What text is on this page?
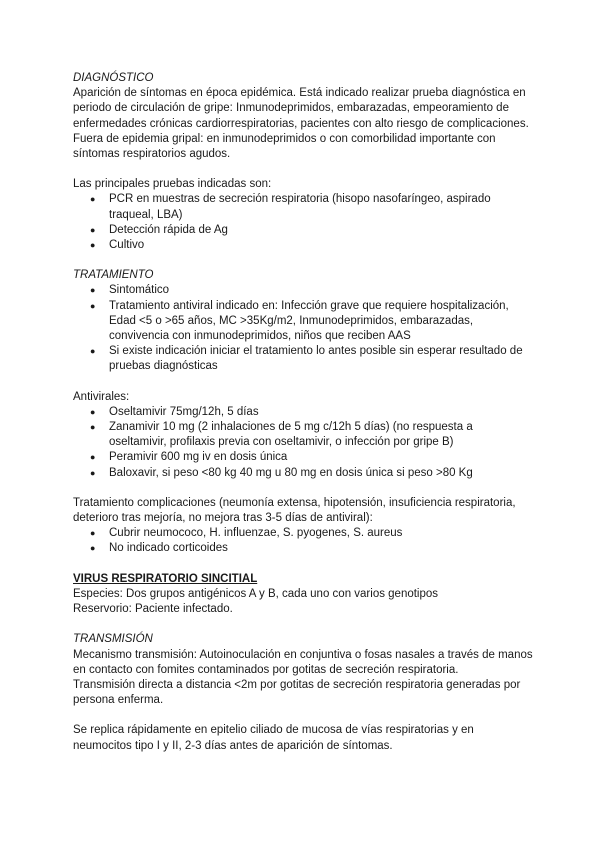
DIAGNÓSTICO

Aparición de síntomas en época epidémica. Está indicado realizar prueba diagnóstica en periodo de circulación de gripe: Inmunodeprimidos, embarazadas, empeoramiento de enfermedades crónicas cardiorrespiratorias, pacientes con alto riesgo de complicaciones.

Fuera de epidemia gripal: en inmunodeprimidos o con comorbilidad importante con síntomas respiratorios agudos.

Las principales pruebas indicadas son:

● PCR en muestras de secreción respiratoria (hisopo nasofaríngeo, aspirado traqueal, LBA)
● Detección rápida de Ag
● Cultivo

TRATAMIENTO

● Sintomático
● Tratamiento antiviral indicado en: Infección grave que requiere hospitalización, Edad <5 o >65 años, MC >35Kg/m2, Inmunodeprimidos, embarazadas, convivencia con inmunodeprimidos, niños que reciben AAS
● Si existe indicación iniciar el tratamiento lo antes posible sin esperar resultado de pruebas diagnósticas

Antivirales:

● Oseltamivir 75mg/12h, 5 días
● Zanamivir 10 mg (2 inhalaciones de 5 mg c/12h 5 días) (no respuesta a oseltamivir, profilaxis previa con oseltamivir, o infección por gripe B)
● Peramivir 600 mg iv en dosis única
● Baloxavir, si peso <80 kg 40 mg u 80 mg en dosis única si peso >80 Kg

Tratamiento complicaciones (neumonía extensa, hipotensión, insuficiencia respiratoria, deterioro tras mejoría, no mejora tras 3-5 días de antiviral):

● Cubrir neumococo, H. influenzae, S. pyogenes, S. aureus
● No indicado corticoides

VIRUS RESPIRATORIO SINCITIAL

Especies: Dos grupos antigénicos A y B, cada uno con varios genotipos

Reservorio: Paciente infectado.

TRANSMISIÓN

Mecanismo transmisión: Autoinoculación en conjuntiva o fosas nasales a través de manos en contacto con fomites contaminados por gotitas de secreción respiratoria.

Transmisión directa a distancia <2m por gotitas de secreción respiratoria generadas por persona enferma.

Se replica rápidamente en epitelio ciliado de mucosa de vías respiratorias y en neumocitos tipo I y II, 2-3 días antes de aparición de síntomas.
